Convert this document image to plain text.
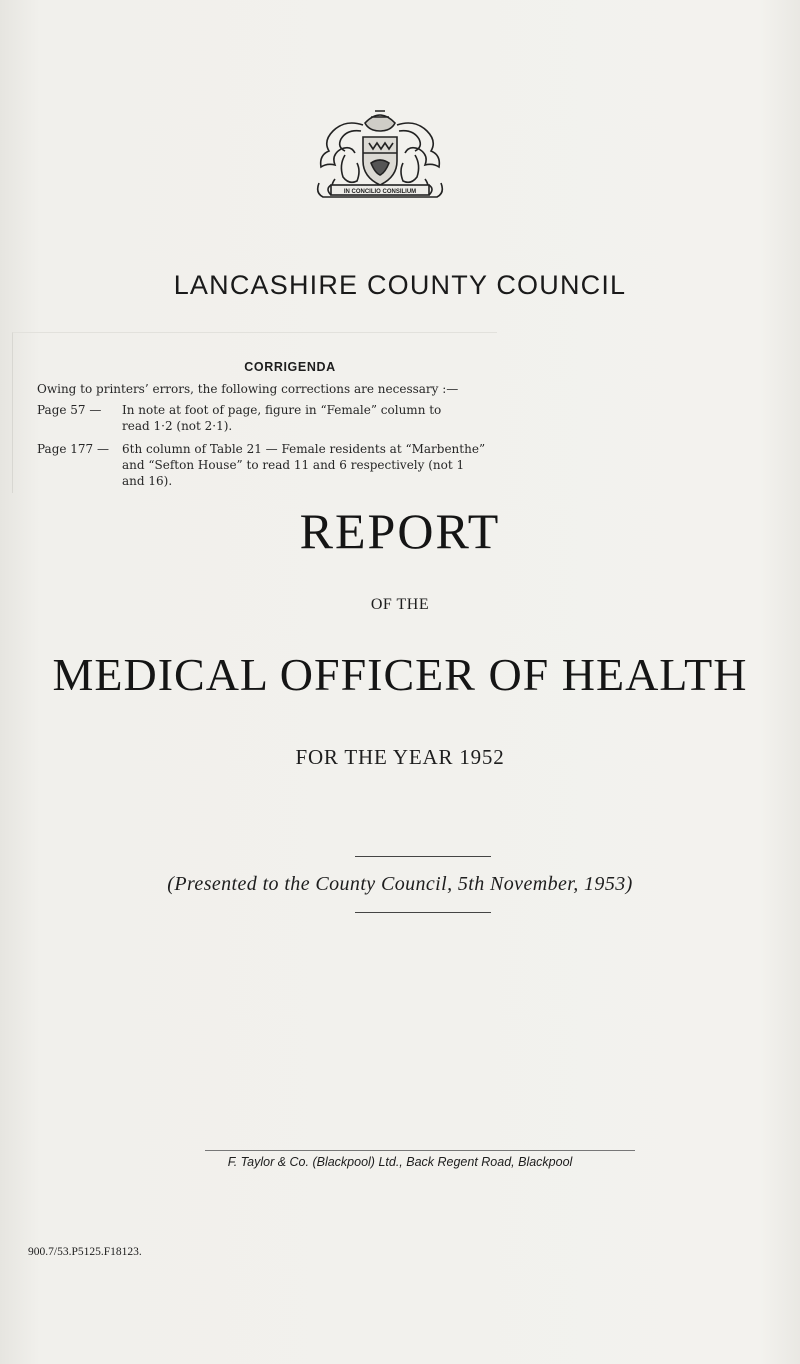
IN CONCILIO CONSILIUM
LANCASHIRE COUNTY COUNCIL
CORRIGENDA
Owing to printers’ errors, the following corrections are necessary :—
Page 57 — In note at foot of page, figure in “Female” column to
read 1·2 (not 2·1).
Page 177 — 6th column of Table 21 — Female residents at “Marbenthe”
and “Sefton House” to read 11 and 6 respectively (not 1
and 16).
REPORT
OF THE
MEDICAL OFFICER OF HEALTH
FOR THE YEAR 1952
(Presented to the County Council, 5th November, 1953)
F. Taylor & Co. (Blackpool) Ltd., Back Regent Road, Blackpool
900.7/53.P5125.F18123.
